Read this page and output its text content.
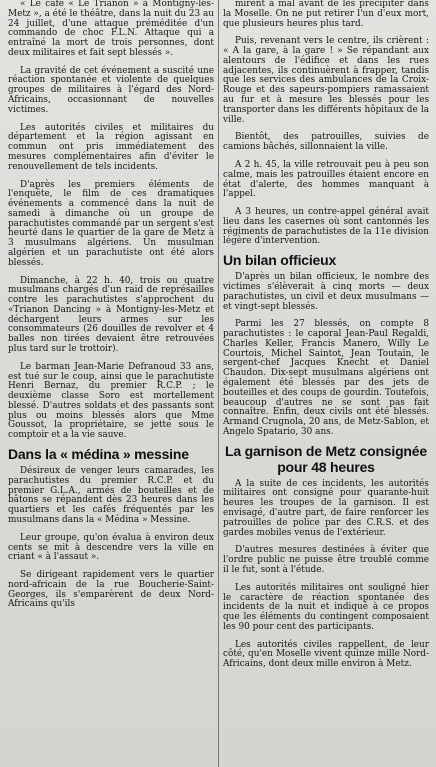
« Le café « Le Trianon » à Montigny-les-Metz », a été le théâtre, dans la nuit du 23 au 24 juillet, d'une attaque préméditée d'un commando de choc F.L.N. Attaque qui a entraîné la mort de trois personnes, dont deux militaires et fait sept blessés ».

La gravité de cet événement a suscité une réaction spontanée et violente de quelques groupes de militaires à l'égard des Nord-Africains, occasionnant de nouvelles victimes.

Les autorités civiles et militaires du département et la région agissant en commun ont pris immédiatement des mesures complémentaires afin d'éviter le renouvellement de tels incidents.

D'après les premiers éléments de l'enquête, le film de ces dramatiques événements a commencé dans la nuit de samedi à dimanche où un groupe de parachutistes commandé par un sergent s'est heurté dans le quartier de la gare de Metz à 3 musulmans algériens. Un musulman algérien et un parachutiste ont été alors blessés.

Dimanche, à 22 h. 40, trois ou quatre musulmans chargés d'un raid de représailles contre les parachutistes s'approchent du «Trianon Dancing » à Montigny-les-Metz et déchargent leurs armes sur les consommateurs (26 douilles de revolver et 4 balles non tirées devaient être retrouvées plus tard sur le trottoir).

Le barman Jean-Marie Defranoud 33 ans, est tué sur le coup, ainsi que le parachutiste Henri Bernaz, du premier R.C.P. ; le deuxième classe Soro est mortellement blessé. D'autres soldats et des passants sont plus ou moins blessés alors que Mme Goussot, la propriétaire, se jette sous le comptoir et a la vie sauve.

Dans la « médina » messine

Désireux de venger leurs camarades, les parachutistes du premier R.C.P. et du premier G.L.A., armés de bouteilles et de bâtons se répandent dès 23 heures dans les quartiers et les cafés fréquentés par les musulmans dans la « Médina » Messine.

Leur groupe, qu'on évalua à environ deux cents se mit à descendre vers la ville en criant « à l'assaut ».

Se dirigeant rapidement vers le quartier nord-africain de la rue Boucherie-Saint-Georges, ils s'emparèrent de deux Nord-Africains qu'ils

mirent à mal avant de les précipiter dans la Moselle. On ne put retirer l'un d'eux mort, que plusieurs heures plus tard.

Puis, revenant vers le centre, ils crièrent : « A la gare, à la gare ! » Se répandant aux alentours de l'édifice et dans les rues adjacentes, ils continuèrent à frapper, tandis que les services des ambulances de la Croix-Rouge et des sapeurs-pompiers ramassaient au fur et à mesure les blessés pour les transporter dans les différents hôpitaux de la ville.

Bientôt, des patrouilles, suivies de camions bâchés, sillonnaient la ville.

A 2 h. 45, la ville retrouvait peu à peu son calme, mais les patrouilles étaient encore en état d'alerte, des hommes manquant à l'appel.

A 3 heures, un contre-appel général avait lieu dans les casernes où sont cantonnés les régiments de parachutistes de la 11e division légère d'intervention.

Un bilan officieux

D'après un bilan officieux, le nombre des victimes s'élèverait à cinq morts — deux parachutistes, un civil et deux musulmans — et vingt-sept blessés.

Parmi les 27 blessés, on compte 8 parachutistes : le caporal Jean-Paul Regaldi, Charles Keller, Francis Manero, Willy Le Courtois, Michel Saintot, Jean Toutain, le sergent-chef Jacques Knecht et Daniel Chaudon. Dix-sept musulmans algériens ont également été blessés par des jets de bouteilles et des coups de gourdin. Toutefois, beaucoup d'autres ne se sont pas fait connaître. Enfin, deux civils ont été blessés. Armand Crugnola, 20 ans, de Metz-Sablon, et Angelo Spatario, 30 ans.

La garnison de Metz consignée pour 48 heures

A la suite de ces incidents, les autorités militaires ont consigné pour quarante-huit heures les troupes de la garnison. Il est envisagé, d'autre part, de faire renforcer les patrouilles de police par des C.R.S. et des gardes mobiles venus de l'extérieur.

D'autres mesures destinées à éviter que l'ordre public ne puisse être troublé comme il le fut, sont à l'étude.

Les autorités militaires ont souligné hier le caractère de réaction spontanée des incidents de la nuit et indiqué à ce propos que les éléments du contingent composaient les 90 pour cent des participants.

Les autorités civiles rappellent, de leur côté, qu'en Moselle vivent quinze mille Nord-Africains, dont deux mille environ à Metz.
